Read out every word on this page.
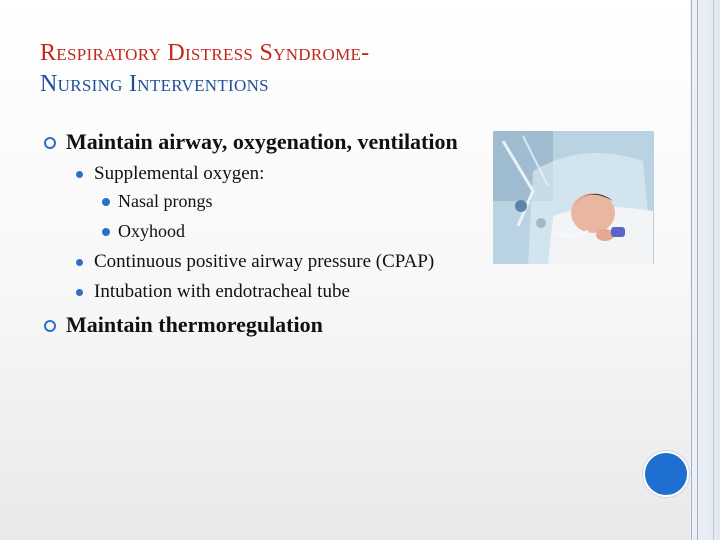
Respiratory Distress Syndrome-
Nursing Interventions
Maintain airway, oxygenation, ventilation
Supplemental oxygen:
Nasal prongs
Oxyhood
Continuous positive airway pressure (CPAP)
Intubation with endotracheal tube
Maintain thermoregulation
